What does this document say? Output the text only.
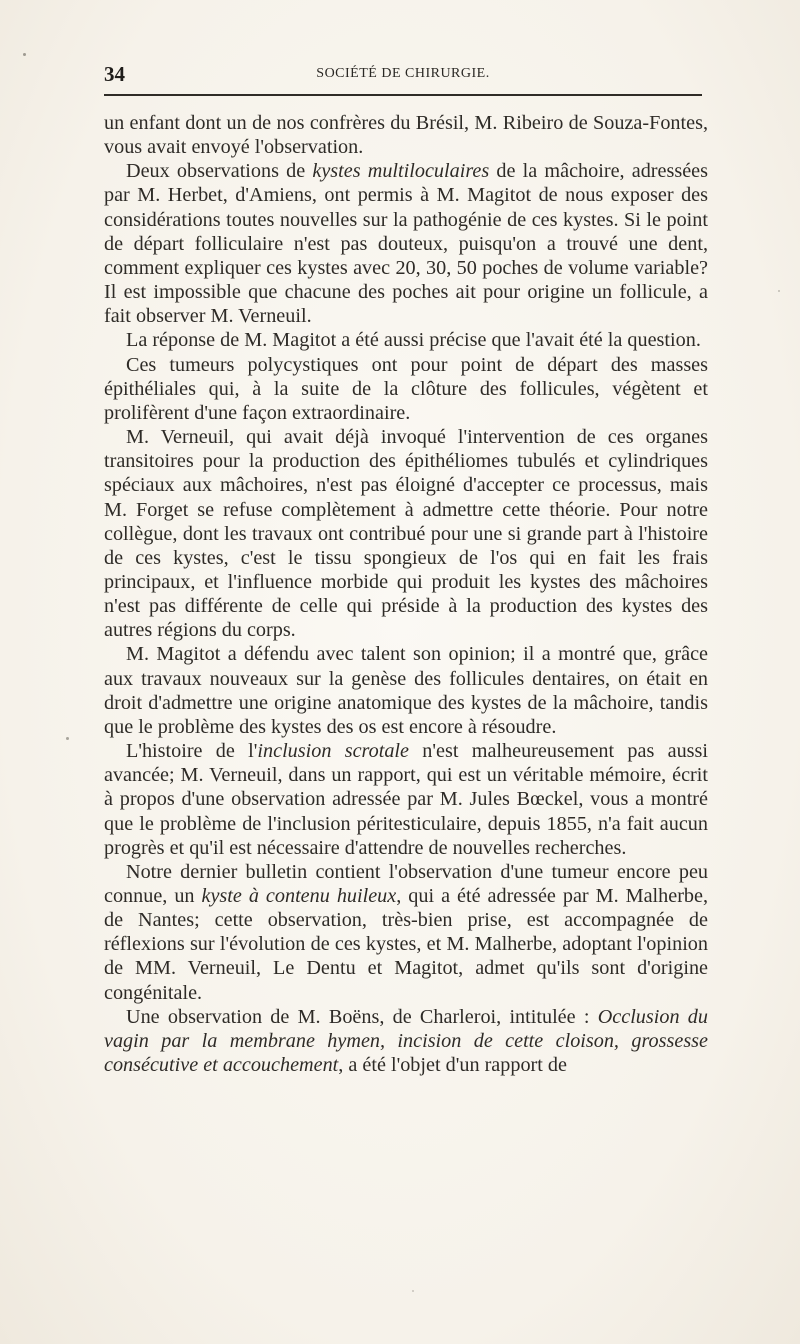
34	SOCIÉTÉ DE CHIRURGIE.

un enfant dont un de nos confrères du Brésil, M. Ribeiro de Souza-Fontes, vous avait envoyé l'observation.

Deux observations de kystes multiloculaires de la mâchoire, adressées par M. Herbet, d'Amiens, ont permis à M. Magitot de nous exposer des considérations toutes nouvelles sur la pathogénie de ces kystes. Si le point de départ folliculaire n'est pas douteux, puisqu'on a trouvé une dent, comment expliquer ces kystes avec 20, 30, 50 poches de volume variable? Il est impossible que chacune des poches ait pour origine un follicule, a fait observer M. Verneuil.

La réponse de M. Magitot a été aussi précise que l'avait été la question.

Ces tumeurs polycystiques ont pour point de départ des masses épithéliales qui, à la suite de la clôture des follicules, végètent et prolifèrent d'une façon extraordinaire.

M. Verneuil, qui avait déjà invoqué l'intervention de ces organes transitoires pour la production des épithéliomes tubulés et cylindriques spéciaux aux mâchoires, n'est pas éloigné d'accepter ce processus, mais M. Forget se refuse complètement à admettre cette théorie. Pour notre collègue, dont les travaux ont contribué pour une si grande part à l'histoire de ces kystes, c'est le tissu spongieux de l'os qui en fait les frais principaux, et l'influence morbide qui produit les kystes des mâchoires n'est pas différente de celle qui préside à la production des kystes des autres régions du corps.

M. Magitot a défendu avec talent son opinion; il a montré que, grâce aux travaux nouveaux sur la genèse des follicules dentaires, on était en droit d'admettre une origine anatomique des kystes de la mâchoire, tandis que le problème des kystes des os est encore à résoudre.

L'histoire de l'inclusion scrotale n'est malheureusement pas aussi avancée; M. Verneuil, dans un rapport, qui est un véritable mémoire, écrit à propos d'une observation adressée par M. Jules Bœckel, vous a montré que le problème de l'inclusion péritesticulaire, depuis 1855, n'a fait aucun progrès et qu'il est nécessaire d'attendre de nouvelles recherches.

Notre dernier bulletin contient l'observation d'une tumeur encore peu connue, un kyste à contenu huileux, qui a été adressée par M. Malherbe, de Nantes; cette observation, très-bien prise, est accompagnée de réflexions sur l'évolution de ces kystes, et M. Malherbe, adoptant l'opinion de MM. Verneuil, Le Dentu et Magitot, admet qu'ils sont d'origine congénitale.

Une observation de M. Boëns, de Charleroi, intitulée : Occlusion du vagin par la membrane hymen, incision de cette cloison, grossesse consécutive et accouchement, a été l'objet d'un rapport de
